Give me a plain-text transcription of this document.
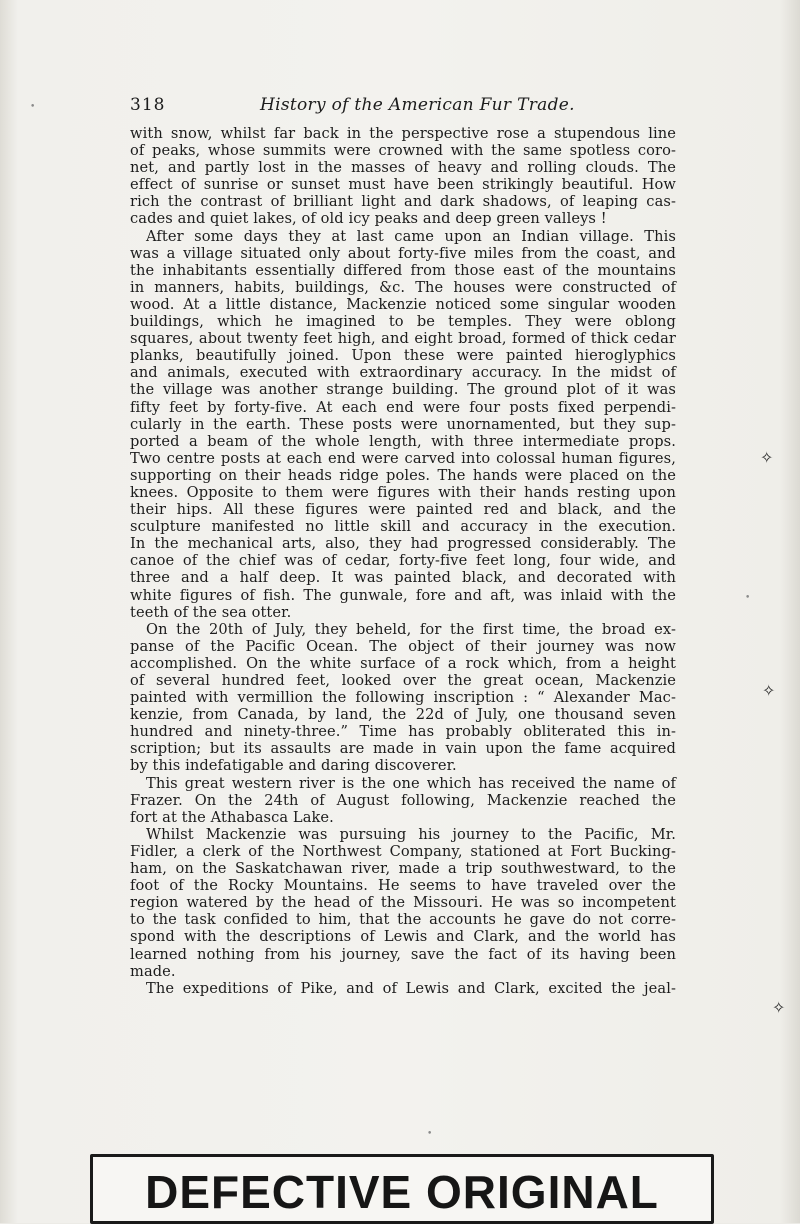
318	History of the American Fur Trade.
with snow, whilst far back in the perspective rose a stupendous line
of peaks, whose summits were crowned with the same spotless coro-
net, and partly lost in the masses of heavy and rolling clouds. The
effect of sunrise or sunset must have been strikingly beautiful. How
rich the contrast of brilliant light and dark shadows, of leaping cas-
cades and quiet lakes, of old icy peaks and deep green valleys !
After some days they at last came upon an Indian village. This
was a village situated only about forty-five miles from the coast, and
the inhabitants essentially differed from those east of the mountains
in manners, habits, buildings, &c. The houses were constructed of
wood. At a little distance, Mackenzie noticed some singular wooden
buildings, which he imagined to be temples. They were oblong
squares, about twenty feet high, and eight broad, formed of thick cedar
planks, beautifully joined. Upon these were painted hieroglyphics
and animals, executed with extraordinary accuracy. In the midst of
the village was another strange building. The ground plot of it was
fifty feet by forty-five. At each end were four posts fixed perpendi-
cularly in the earth. These posts were unornamented, but they sup-
ported a beam of the whole length, with three intermediate props.
Two centre posts at each end were carved into colossal human figures,
supporting on their heads ridge poles. The hands were placed on the
knees. Opposite to them were figures with their hands resting upon
their hips. All these figures were painted red and black, and the
sculpture manifested no little skill and accuracy in the execution.
In the mechanical arts, also, they had progressed considerably. The
canoe of the chief was of cedar, forty-five feet long, four wide, and
three and a half deep. It was painted black, and decorated with
white figures of fish. The gunwale, fore and aft, was inlaid with the
teeth of the sea otter.
On the 20th of July, they beheld, for the first time, the broad ex-
panse of the Pacific Ocean. The object of their journey was now
accomplished. On the white surface of a rock which, from a height
of several hundred feet, looked over the great ocean, Mackenzie
painted with vermillion the following inscription : “ Alexander Mac-
kenzie, from Canada, by land, the 22d of July, one thousand seven
hundred and ninety-three.” Time has probably obliterated this in-
scription; but its assaults are made in vain upon the fame acquired
by this indefatigable and daring discoverer.
This great western river is the one which has received the name of
Frazer. On the 24th of August following, Mackenzie reached the
fort at the Athabasca Lake.
Whilst Mackenzie was pursuing his journey to the Pacific, Mr.
Fidler, a clerk of the Northwest Company, stationed at Fort Bucking-
ham, on the Saskatchawan river, made a trip southwestward, to the
foot of the Rocky Mountains. He seems to have traveled over the
region watered by the head of the Missouri. He was so incompetent
to the task confided to him, that the accounts he gave do not corre-
spond with the descriptions of Lewis and Clark, and the world has
learned nothing from his journey, save the fact of its having been
made.
The expeditions of Pike, and of Lewis and Clark, excited the jeal-
✧
✧
✧
•
•
•
DEFECTIVE ORIGINAL
